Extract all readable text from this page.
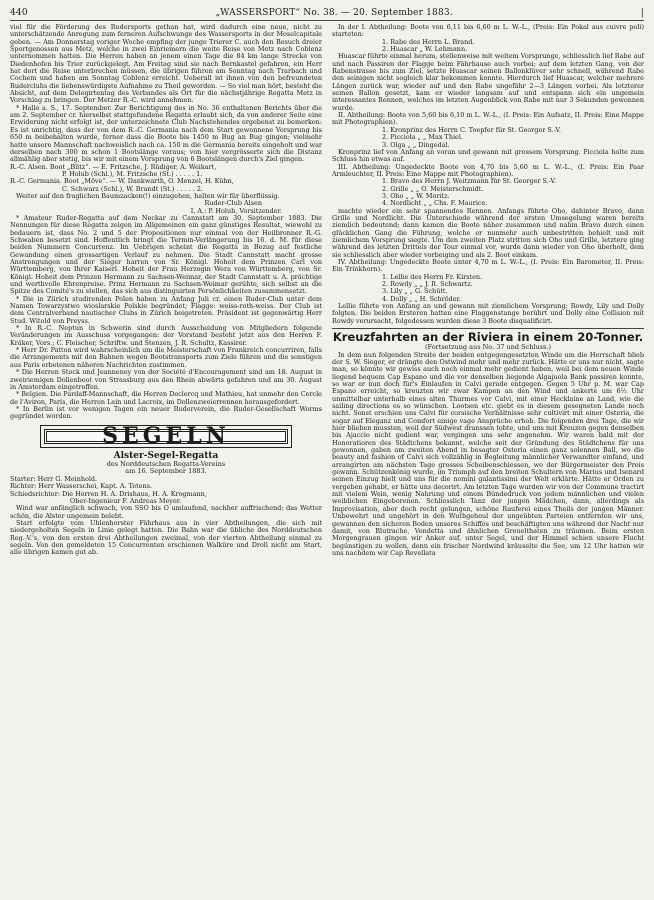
440	„WASSERSPORT“ No. 38. — 20. September 1883.	|

viel für die Förderung des Rudersports gethan hat, wird dadurch eine neue, nicht zu unterschätzende Anregung zum ferneren Aufschwunge des Wassersports in der Moselcapitale geben. — Am Donnerstag voriger Woche empfing der junge Trierer C. auch den Besuch dreier Sportgenossen aus Metz, welche in zwei Einriemern die weite Reise von Metz nach Coblenz unternommen hatten. Die Herren haben an jenem einen Tage die 84 km lange Strecke von Diedenhofen bis Trier zurückgelegt. Am Freitag sind sie nach Bernkastel gefahren, ein Herr hat dort die Reise unterbrechen müssen, die übrigen führen am Sonntag nach Trarbach und Cochem und haben am Sonntag Coblenz erreicht. Ueberall ist ihnen von den befreundeten Rudercluhs die liebenswürdigste Aufnahme zu Theil geworden. — So viel man hört, besteht die Absicht, auf dem Delegirtentag des Verbandes als Ort für die nächstjährige Regatta Metz in Vorschlag zu bringen. Der Metzer R.-C. wird annehmen.

* Halle a. S., 17. September. Zur Berichtigung des in No. 36 enthaltenen Berichts über die am 2. September cr. hierselbst stattgefundene Regatta erlaubt sich, da von anderer Seite eine Erwiderung nicht erfolgt ist, der unterzeichnete Club Nachstehendes ergebenst zu bemerken: Es ist unrichtig, dass der von dem R.-C. Germania nach dem Start gewonnene Vorsprung bis 650 m beibehalten wurde, ferner dass die Boote bis 1450 m Bug an Bug gingen; vielmehr hatte unsere Mannschaft nachweislich nach ca. 150 m die Germania bereits eingeholt und war derselben nach 300 m schon 1 Bootslänge voraus; von hier vergrösserte sich die Distanz allmählig aber stetig, bis wir mit einem Vorsprung von 6 Bootslängen durch's Ziel gingen.

R.-C. Alsen. Boot „Blitz“. — E. Fritzsche, J. Rüdiger, A. Weikart,

P. Holub (Schl.), M. Fritzsche (St.) . . . . . 1.

R.-C. Germania. Boot „Möve“. — W. Dankwarth, O. Menzel, H. Kühn,

C. Schwarz (Schl.), W. Brandt (St.) . . . . . 2.

Weiter auf den fraglichen Baumzacken(!) einzugehen, halten wir für überflüssig.

Ruder-Club Alsen

I. A.: P. Holub, Vorsitzender.

* Amateur Ruder-Regatta auf dem Neckar zu Cannstatt am 30. September 1883. Die Nennungen für diese Regatta zeigen im Allgemeinen ein ganz günstiges Resultat, wiewohl zu bedauern ist, dass No. 2 und 5 der Propositionen nur einmal von der Heilbronner R.-G. Schwaben besetzt sind. Hoffentlich bringt die Termin-Verlängerung bis 16. d. M. für diese beiden Nummern Concurrenz. Im Uebrigen scheint die Regatta in Bezug auf festliche Gewandung einen grossartigen Verlauf zu nehmen. Die Stadt Cannstatt macht grosse Anstrengungen und der Sieger harren von Sr. Königl. Hoheit dem Prinzen Carl von Württemberg, von Ihrer Kaiserl. Hoheit der Frau Herzogin Wera von Württemberg, von Sr. Königl. Hoheit dem Prinzen Hermann zu Sachsen-Weimar, der Stadt Cannstatt u. A. prächtige und werthvolle Ehrenpreise. Prinz Hermann zu Sachsen-Weimar gerühte, sich selbst an die Spitze des Comité's zu stellen, das sich aus distinguirten Persönlichkeiten zusammensetzt.

* Die in Zürich studirenden Polen haben zu Anfang Juli cr. einen Ruder-Club unter dem Namen Towarzystwo wioslarskie Polskie begründet; Flagge: weiss-roth-weiss. Der Club ist dem Centralverband nautischer Clubs in Zürich beigetreten. Präsident ist gegenwärtig Herr Stud. Witold von Preyss.

* In R.-C. Neptun in Schwerin sind durch Ausscheidung von Mitgliedern folgende Veränderungen im Ausschuss vorgegangen: der Vorstand besteht jetzt aus den Herren F. Kräker, Vors.; C. Fleischer, Schriftw. und Stenzen, J. R. Schultz, Kassirer.

* Herr Dr. Patton wird wahrscheinlich um die Meisterschaft von Frankreich concurriren, falls die Arrangements mit den Bahnen wegen Bootstransports zum Ziele führen und die sonstigen aus Paris erbetenen näheren Nachrichten zustimmen.

* Die Herren Stock und Jeanneney von der Société d'Encouragement sind am 18. August in zweiriemigen Dollenboot von Strassburg aus den Rhein abwärts gefahren und am 30. August in Amsterdam eingetroffen.

* Belgien. Die Pardaff-Mannschaft, die Herren Declercq und Mathieu, hat unmehr den Cercle de l'Aviron, Paris, die Herren Lein und Lacroix, im Dollenzweierrennen herausgefordert.

* In Berlin ist vor wenigen Tagen ein neuer Ruderverein, die Ruder-Gesellschaft Worms gegründet worden.

SEGELN
Alster-Segel-Regatta
des Norddeutschen Regatta-Vereins
am 16. September 1883.

Starter: Herr G. Meinhold.

Richter: Herr Wasserschei, Kapt. A. Tetens.

Schiedsrichter: Die Herren H. A. Drishaus, H. A. Krogmann,

Ober-Ingenieur F. Andreas Meyer.

Wind war anfänglich schwach, von SSO bis O umlaufend, nachher auffrischend; das Wetter schön, die Alster ungemein belebt.

Start erfolgte vom Uhlenhorster Fährhaus aus in vier Abtheilungen, die sich mit niedergeholten Segeln in Linie gelegt hatten. Die Bahn war die übliche des Norddeutschen Reg.-V.'s, von den ersten drei Abtheilungen zweimal, von der vierten Abtheilung einmal zu segeln. Von den gemeldeten 15 Concurrenten erschienen Walküre und Droll nicht am Start, alle übrigen kamen gut ab.

In der I. Abtheilung: Boote von 6,11 bis 6,60 m L. W.-L., (Preis: Ein Pokal aus cuivre poli) starteten:

1. Rabe des Herrn L. Brand.

2. Huascar „ W. Lehmann.

Huascar führte einmal herum, stellenweise mit weitem Vorsprunge, schliesslich lief Rabe auf und nach Passiren der Flagge beim Fährhause auch vorbei; auf dem letzten Gang, von der Rabenstrasse bis zum Ziel, setzte Huascar seinen Ballonklüver sehr schnell, während Rabe den seinigen nicht sogleich klar bekommen konnte. Hierdurch lief Huascar, welcher mehrere Längen zurück war, wieder auf und den Rabe ungefähr 2—3 Längen vorbei. Als letzterer seinen Ballon gesetzt, kam er wieder langsam auf und entspann sich ein ungemein interessantes Rennen, welches im letzten Augenblick von Rabe mit nur 3 Sekunden gewonnen wurde.

II. Abtheilung: Boote von 5,60 bis 6,10 m L. W.-L., (I. Preis: Ein Aufsatz, II. Preis: Eine Mappe mit Photographien).

1. Kronprinz des Herrn C. Toepfer für St. Georger S.-V.

2. Picciola „ „ Max Thiel.

3. Olga „ „ Dingedal.

Kronprinz lief von Anfang an voran und gewann mit grossem Vorsprung. Picciola holte zum Schluss hin etwas auf.

III. Abtheilung: Ungedeckte Boote von 4,70 bis 5,60 m L. W.-L., (I. Preis: Ein Paar Armleuchter, II. Preis: Eine Mappe mit Photographien).

1. Bravo des Herrn J. Weitzmann für St. Georger S.-V.

2. Grille „ „ O. Meisterschmidt.

3. Oho „ „ W. Moritz.

4. Nordlicht „ „ Chs. F. Maurice.

machte wieder ein sehr spannendes Rennen. Anfangs führte Oho, dahinter Bravo, dann Grille und Nordlicht. Die Unterschiede während der ersten Umsegelung waren bereits ziemlich bedeutend; dann kamen die Boote näher zusammen und nahm Bravo durch einen glücklichen Gang die Führung, welche er nunmehr auch unbestritten behielt und mit ziemlichem Vorsprung siegte. Um den zweiten Platz stritten sich Oho und Grille, letztere ging während des letzten Drittels der Tour einmal vor, wurde dann wieder von Oho überholt, dem sie schliesslich aber wieder vorbeiging und als 2. Boot einkam.

IV. Abtheilung: Ungedeckte Boote unter 4,70 m L. W.-L., (I. Preis: Ein Barometer, II. Preis: Ein Trinkhorn).

1. Lellie des Herrn Fr. Kirsten.

2. Rowdy „ „ J. R. Schwartz.

3. Lily „ „ G. Schütt.

4. Dolly „ „ H. Schröder.

Lellie führte von Anfang an und gewann mit ziemlichem Vorsprung; Rowdy, Lily und Dolly folgten. Die beiden Ersteren hatten eine Flaggenstange berührt und Dolly eine Collision mit Rowdy verursacht, folgedessen wurden diese 3 Boote disqualificirt.

Kreuzfahrten an der Riviera in einem 20-Tonner.
(Fortsetzung aus No. 37 und Schluss.)

In dem nun folgenden Streite der beiden entgegengesetzten Winde um die Herrschaft blieb der S. W. Sieger, er drängte den Ostwind mehr und mehr zurück. Hätte er uns nur nicht, sagte man, so könnte wir gewiss auch noch einmal mehr gedient haben, weil bei dem neuen Winde liegend bequem Cap Espano und die vor denselben liegende Algajuola Bank passiren konnte, so war er nun doch für's Einlaufen in Calvi gerade entgegen. Gegen 5 Uhr p. M. war Cap Espano erreicht, so kreuzten wir zwar Kampen an den Wind und ankerte um 6½ Uhr unmittelbar unterhalb eines alten Thurmes vor Calvi, mit einer Hecklaine an Land, wie die sailing directions es so wünschen. Lootsen etc. giebt es in diesem gesegneten Lande noch nicht. Sonst erschien uns Calvi für corsische Verhältnisse sehr cultivirt mit einer Osteria, die sogar auf Eleganz und Comfort einige vage Ansprüche erhob. Die folgenden drei Tage, die wir hier blieben mussten, weil der Südwest dranssen tobte, und uns mit Kreuzen gegen denselben bis Ajaccio nicht gedient war, vergingen uns sehr angenehm. Wir waren bald mit der Honoratioren des Städtchens bekannt, welche seit der Gründung des Städtchens für uns gewonnen, gaben am zweiten Abend in besagter Osteria einen ganz solennen Ball, wo die beauty and fashion of Calvi sich vollzählig in Begleitung männlicher Verwandter einfand, und arrangirten am nächsten Tage grosses Scheibenschiessen, wo der Bürgermeister den Preis gewann. Schützenkönig wurde, im Triumph auf den breiten Schultern von Marius und Isenard seinen Einzug hielt und uns für die nomini galantissimi der Welt erklärte. Hätte er Orden zu vergeben gehabt, er hätte uns decorirt. Am letzten Tage wurden wir von der Commune tractirt mit vielem Wein, wenig Nahrung und einem Bündedruck von jedem männlichen und vielen weiblichen Eingeborenen. Schliesslich Tanz der jungen Mädchen, dann, allerdings als Improvisation, aber doch recht gelungen, schöne Rauferei eines Theils der jungen Männer. Unbewehrt und ungehört in den Wuthgeheul der ungeübten Parteien entfernten wir uns, gewannen den sicheren Boden unseres Schiffes und beschäftigten uns während der Nacht nur damit, von Blutrache, Vendetta und ähnlichen Greuelthaten zu träumen. Beim ersten Morgengrauen gingen wir Anker auf, unter Segel, und der Himmel schien unsere Flucht begünstigen zu wollen, denn ein frischer Nordwind kräuselte die See, um 12 Uhr hatten wir uns nachdem wir Cap Revellata
